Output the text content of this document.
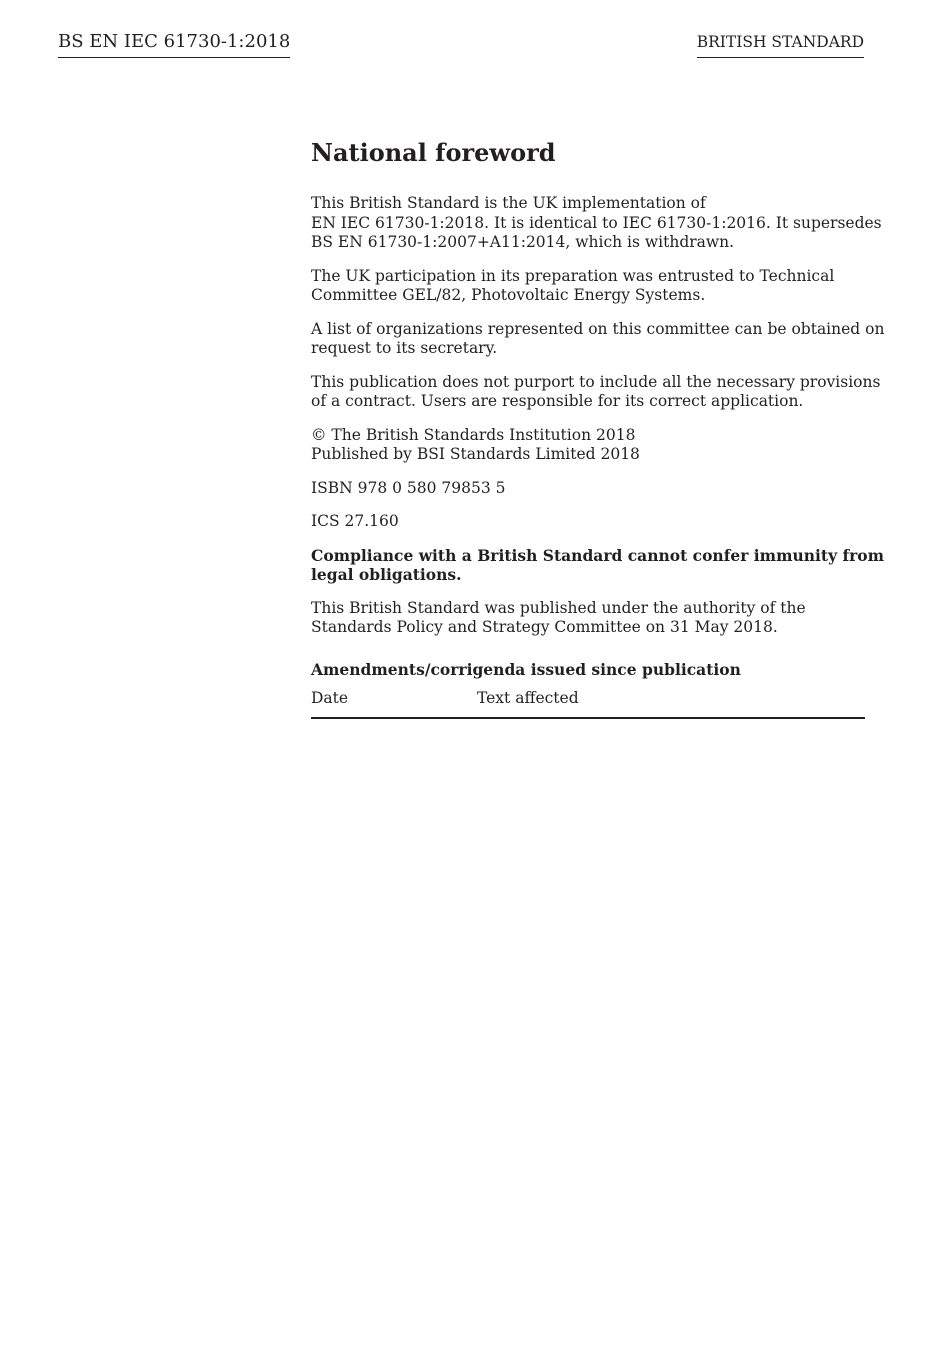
BS EN IEC 61730-1:2018	BRITISH STANDARD
National foreword
This British Standard is the UK implementation of
EN IEC 61730-1:2018. It is identical to IEC 61730-1:2016. It supersedes
BS EN 61730-1:2007+A11:2014, which is withdrawn.
The UK participation in its preparation was entrusted to Technical
Committee GEL/82, Photovoltaic Energy Systems.
A list of organizations represented on this committee can be obtained on
request to its secretary.
This publication does not purport to include all the necessary provisions
of a contract. Users are responsible for its correct application.
© The British Standards Institution 2018
Published by BSI Standards Limited 2018
ISBN 978 0 580 79853 5
ICS 27.160
Compliance with a British Standard cannot confer immunity from
legal obligations.
This British Standard was published under the authority of the
Standards Policy and Strategy Committee on 31 May 2018.
Amendments/corrigenda issued since publication
Date	Text affected
